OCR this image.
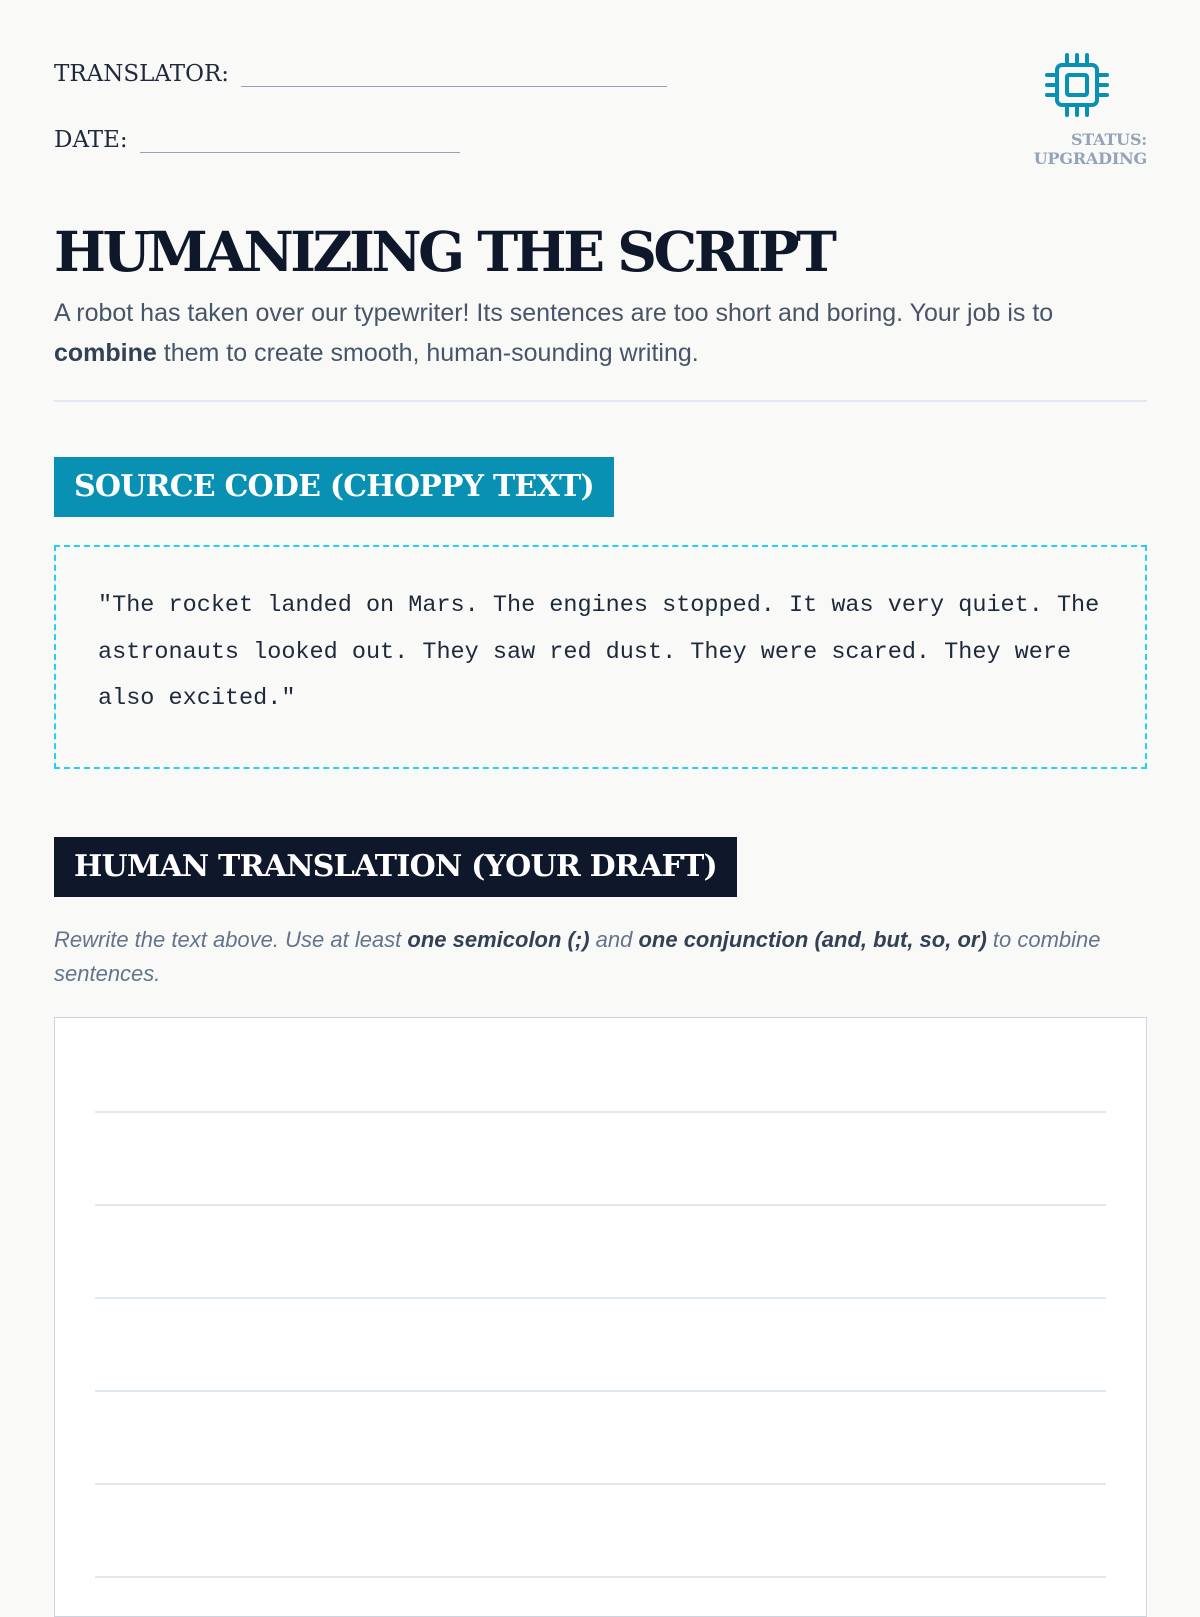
TRANSLATOR:
DATE:	STATUS: UPGRADING
HUMANIZING THE SCRIPT

A robot has taken over our typewriter! Its sentences are too short and boring. Your job is to combine them to create smooth, human-sounding writing.

SOURCE CODE (CHOPPY TEXT)
"The rocket landed on Mars. The engines stopped. It was very quiet. The astronauts looked out. They saw red dust. They were scared. They were also excited."
HUMAN TRANSLATION (YOUR DRAFT)

Rewrite the text above. Use at least one semicolon (;) and one conjunction (and, but, so, or) to combine sentences.
